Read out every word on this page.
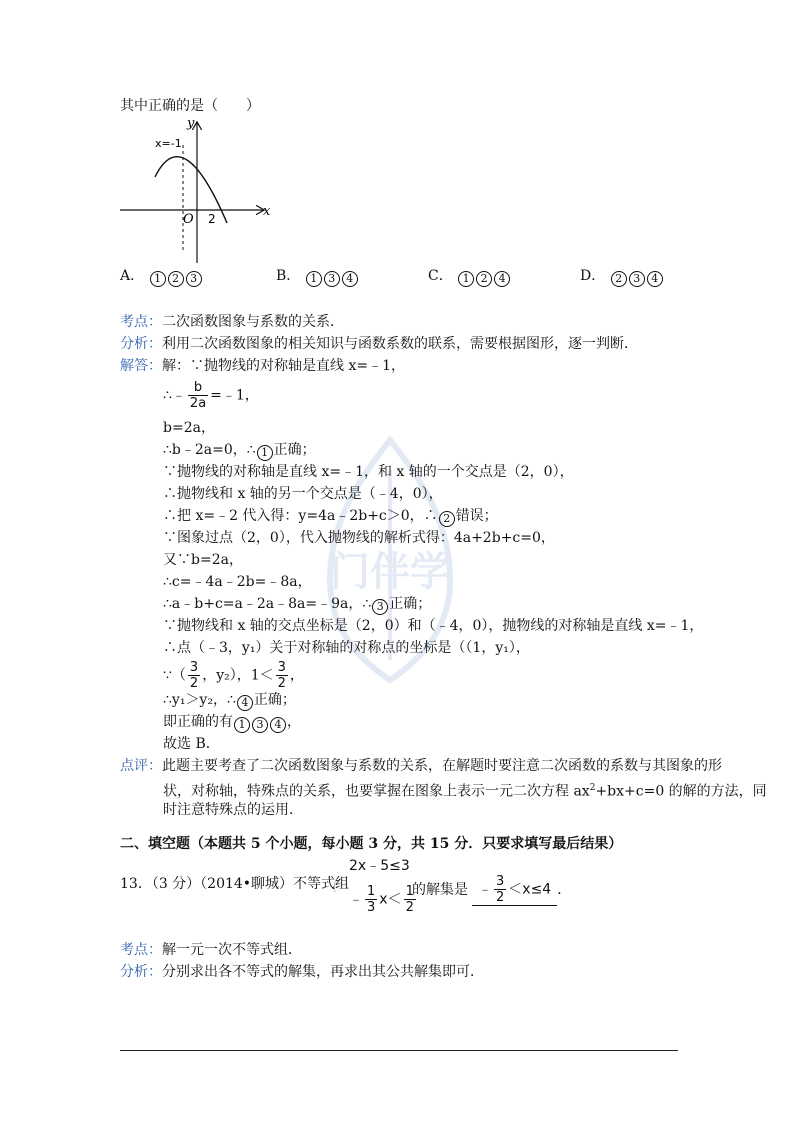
门伴学
其中正确的是（　　）
x
y
O
x=-1
2
A． 1 2 3	B． 1 3 4	C． 1 2 4	D． 2 3 4
考点：二次函数图象与系数的关系．
分析：利用二次函数图象的相关知识与函数系数的联系，需要根据图形，逐一判断．
解答：解：∵抛物线的对称轴是直线 x=﹣1，
∴﹣ $\frac{b}{2a}$ =﹣1，
b=2a，
∴b﹣2a=0，∴ 1 正确；
∵抛物线的对称轴是直线 x=﹣1，和 x 轴的一个交点是（2，0），
∴抛物线和 x 轴的另一个交点是（﹣4，0），
∴把 x=﹣2 代入得：y=4a﹣2b+c＞0，∴ 2 错误；
∵图象过点（2，0），代入抛物线的解析式得：4a+2b+c=0，
又∵b=2a，
∴c=﹣4a﹣2b=﹣8a，
∴a﹣b+c=a﹣2a﹣8a=﹣9a，∴ 3 正确；
∵抛物线和 x 轴的交点坐标是（2，0）和（﹣4，0），抛物线的对称轴是直线 x=﹣1，
∴点（﹣3，y₁）关于对称轴的对称点的坐标是（（1，y₁），
∵（ $\frac{3}{2}$ ，y₂），$1< \frac{3}{2}$ ，
∴y₁＞y₂，∴ 4 正确；
即正确的有 1 3 4 ，
故选 B．
点评：此题主要考查了二次函数图象与系数的关系，在解题时要注意二次函数的系数与其图象的形
状，对称轴，特殊点的关系，也要掌握在图象上表示一元二次方程 $ax^2+bx+c=0$ 的解的方法，同
时注意特殊点的运用．
二、填空题（本题共 5 个小题，每小题 3 分，共 15 分．只要求填写最后结果）
13．（3 分）（2014•聊城）不等式组
2x﹣5≤3
﹣ $\frac{1}{3} x< \frac{1}{2}$
的解集是 ﹣ $\frac{3}{2} <x\le 4$ ．
考点：解一元一次不等式组．
分析：分别求出各不等式的解集，再求出其公共解集即可．
